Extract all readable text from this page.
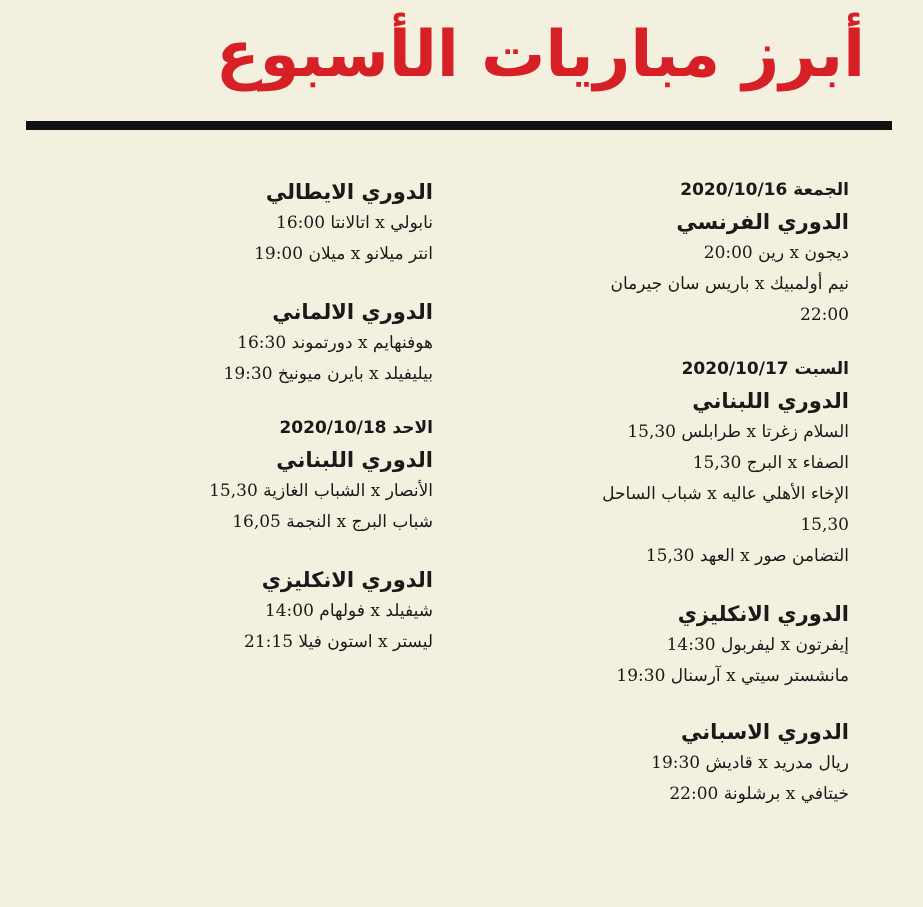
أبرز مباريات الأسبوع
الجمعة 2020/10/16
الدوري الفرنسي
ديجون x رين 20:00
نيم أولمبيك x باريس سان جيرمان 22:00
السبت 2020/10/17
الدوري اللبناني
السلام زغرتا x طرابلس 15,30
الصفاء x البرج 15,30
الإخاء الأهلي عاليه x شباب الساحل 15,30
التضامن صور x العهد 15,30
الدوري الانكليزي
إيفرتون x ليفربول 14:30
مانشستر سيتي x آرسنال 19:30
الدوري الاسباني
ريال مدريد x قاديش 19:30
خيتافي x برشلونة 22:00
الدوري الايطالي
نابولي x اتالانتا 16:00
انتر ميلانو x ميلان 19:00
الدوري الالماني
هوفنهايم x دورتموند 16:30
بيليفيلد x بايرن ميونيخ 19:30
الاحد 2020/10/18
الدوري اللبناني
الأنصار x الشباب الغازية 15,30
شباب البرج x النجمة 16,05
الدوري الانكليزي
شيفيلد x فولهام 14:00
ليستر x استون فيلا 21:15
